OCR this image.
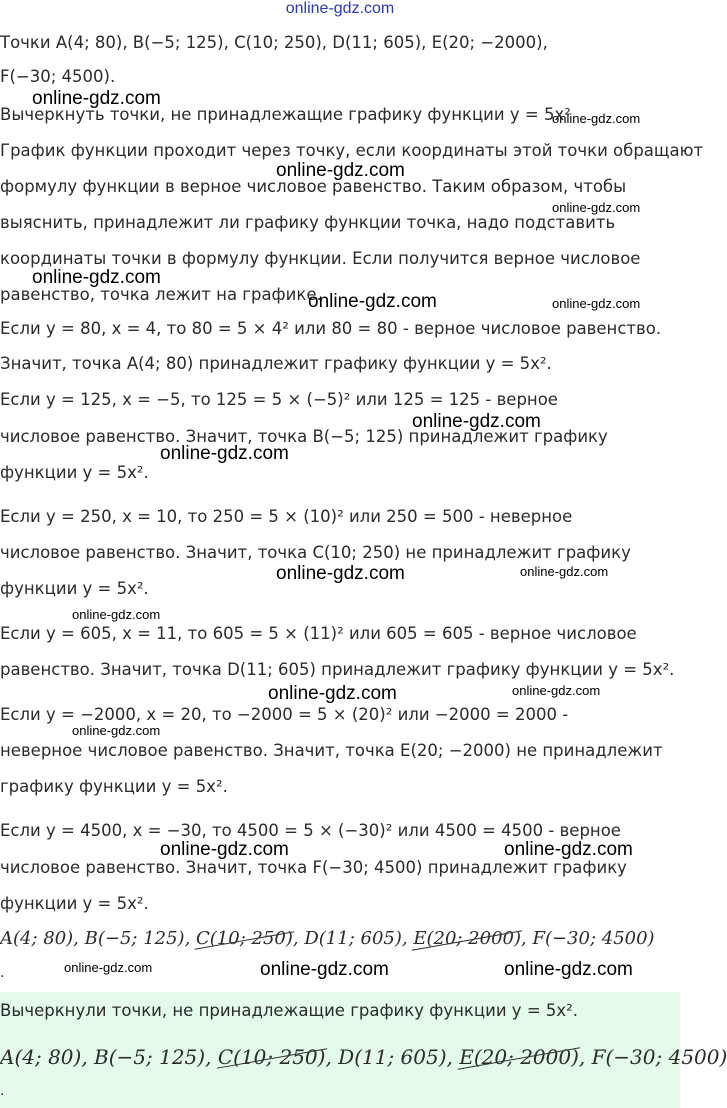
online-gdz.com
Точки A(4; 80), B(−5; 125), C(10; 250), D(11; 605), E(20; −2000),
F(−30; 4500).
Вычеркнуть точки, не принадлежащие графику функции y = 5x²
График функции проходит через точку, если координаты этой точки обращают
формулу функции в верное числовое равенство. Таким образом, чтобы
выяснить, принадлежит ли графику функции точка, надо подставить
координаты точки в формулу функции. Если получится верное числовое
равенство, точка лежит на графике.
Если y = 80, x = 4, то 80 = 5 × 4² или 80 = 80 - верное числовое равенство.
Значит, точка A(4; 80) принадлежит графику функции y = 5x².
Если y = 125, x = −5, то 125 = 5 × (−5)² или 125 = 125 - верное
числовое равенство. Значит, точка B(−5; 125) принадлежит графику
функции y = 5x².
Если y = 250, x = 10, то 250 = 5 × (10)² или 250 = 500 - неверное
числовое равенство. Значит, точка C(10; 250) не принадлежит графику
функции y = 5x².
Если y = 605, x = 11, то 605 = 5 × (11)² или 605 = 605 - верное числовое
равенство. Значит, точка D(11; 605) принадлежит графику функции y = 5x².
Если y = −2000, x = 20, то −2000 = 5 × (20)² или −2000 = 2000 -
неверное числовое равенство. Значит, точка E(20; −2000) не принадлежит
графику функции y = 5x².
Если y = 4500, x = −30, то 4500 = 5 × (−30)² или 4500 = 4500 - верное
числовое равенство. Значит, точка F(−30; 4500) принадлежит графику
функции y = 5x².
A(4; 80), B(−5; 125), C(10; 250), D(11; 605), E(20; 2000), F(−30; 4500)
.
Вычеркнули точки, не принадлежащие графику функции y = 5x².
A(4; 80), B(−5; 125), C(10; 250), D(11; 605), E(20; 2000), F(−30; 4500)
.
online-gdz.com
online-gdz.com
online-gdz.com
online-gdz.com
online-gdz.com
online-gdz.com	online-gdz.com
online-gdz.com
online-gdz.com
online-gdz.com	online-gdz.com
online-gdz.com
online-gdz.com	online-gdz.com
online-gdz.com
online-gdz.com	online-gdz.com
online-gdz.com	online-gdz.com	online-gdz.com
